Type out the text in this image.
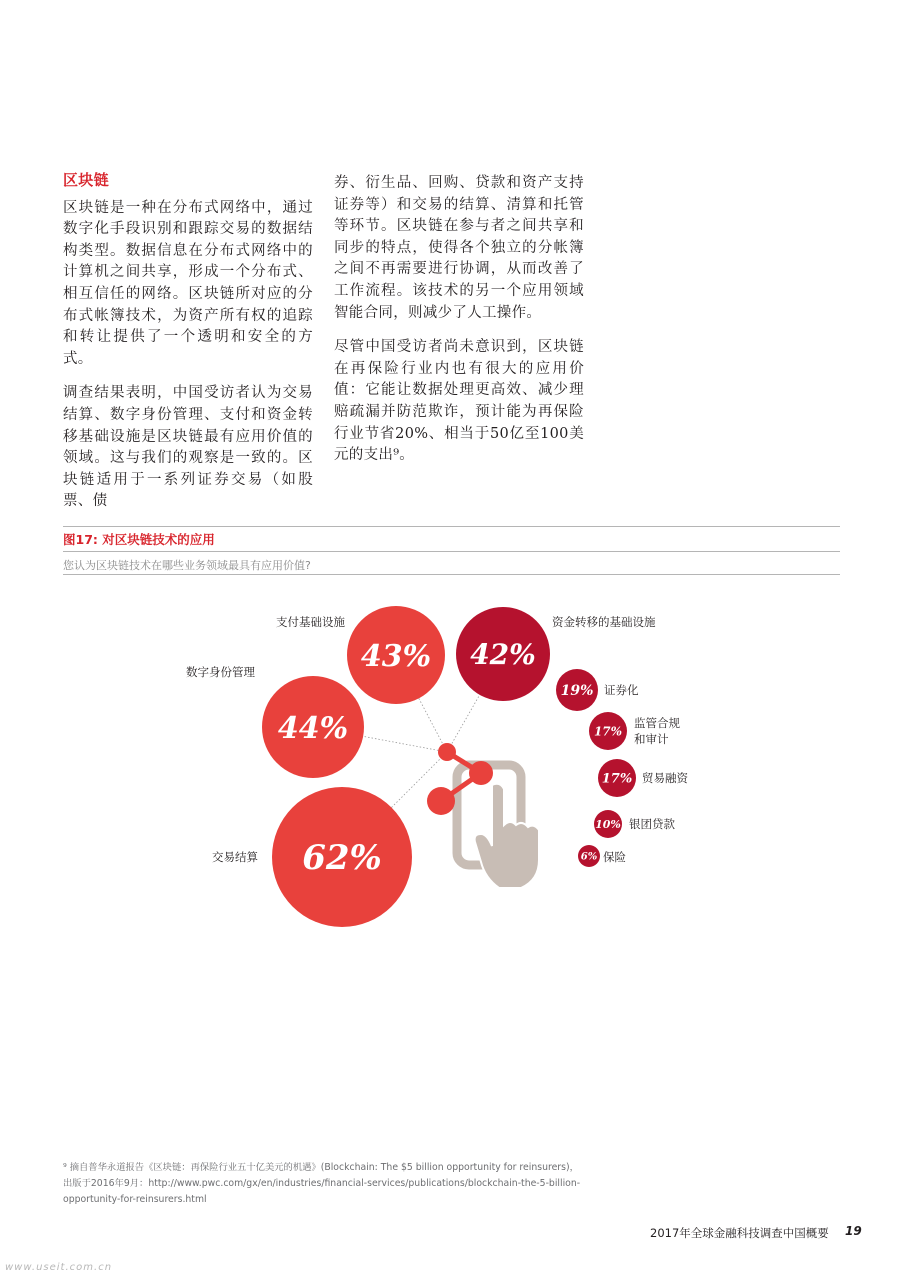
区块链

区块链是一种在分布式网络中，通过数字化手段识别和跟踪交易的数据结构类型。数据信息在分布式网络中的计算机之间共享，形成一个分布式、相互信任的网络。区块链所对应的分布式帐簿技术，为资产所有权的追踪和转让提供了一个透明和安全的方式。

调查结果表明，中国受访者认为交易结算、数字身份管理、支付和资金转移基础设施是区块链最有应用价值的领域。这与我们的观察是一致的。区块链适用于一系列证券交易（如股票、债

券、衍生品、回购、贷款和资产支持证券等）和交易的结算、清算和托管等环节。区块链在参与者之间共享和同步的特点，使得各个独立的分帐簿之间不再需要进行协调，从而改善了工作流程。该技术的另一个应用领域智能合同，则减少了人工操作。

尽管中国受访者尚未意识到，区块链在再保险行业内也有很大的应用价值：它能让数据处理更高效、减少理赔疏漏并防范欺诈，预计能为再保险行业节省20%、相当于50亿至100美元的支出⁹。

图17: 对区块链技术的应用
您认为区块链技术在哪些业务领域最具有应用价值?
62%
交易结算
44%
数字身份管理	43%
支付基础设施
42%
资金转移的基础设施
19% 证券化
17%
监管合规和审计
17% 贸易融资
10% 银团贷款
6% 保险
⁹ 摘自普华永道报告《区块链：再保险行业五十亿美元的机遇》(Blockchain: The $5 billion opportunity for reinsurers)，出版于2016年9月：http://www.pwc.com/gx/en/industries/financial-services/publications/blockchain-the-5-billion-opportunity-for-reinsurers.html
2017年全球金融科技调查中国概要 19
www.useit.com.cn
